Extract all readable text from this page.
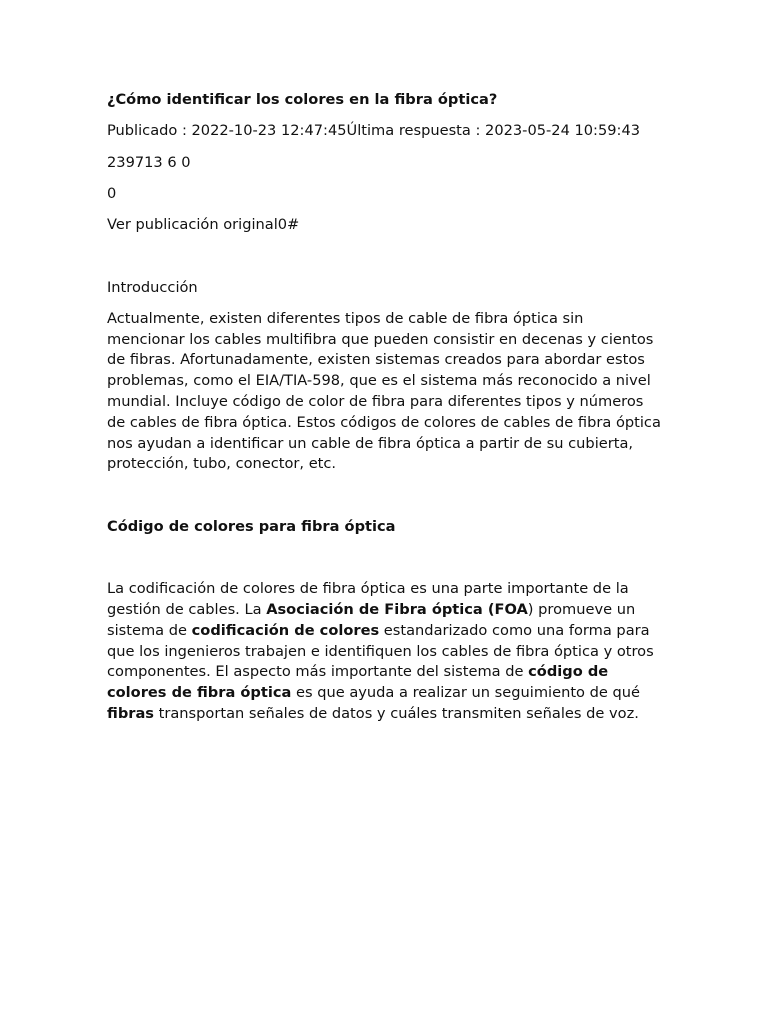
¿Cómo identificar los colores en la fibra óptica?

Publicado : 2022-10-23 12:47:45Última respuesta : 2023-05-24 10:59:43

239713 6 0

0

Ver publicación original0#

Introducción

Actualmente, existen diferentes tipos de cable de fibra óptica sin mencionar los cables multifibra que pueden consistir en decenas y cientos de fibras. Afortunadamente, existen sistemas creados para abordar estos problemas, como el EIA/TIA-598, que es el sistema más reconocido a nivel mundial. Incluye código de color de fibra para diferentes tipos y números de cables de fibra óptica. Estos códigos de colores de cables de fibra óptica nos ayudan a identificar un cable de fibra óptica a partir de su cubierta, protección, tubo, conector, etc.

Código de colores para fibra óptica

La codificación de colores de fibra óptica es una parte importante de la gestión de cables. La Asociación de Fibra óptica (FOA) promueve un sistema de codificación de colores estandarizado como una forma para que los ingenieros trabajen e identifiquen los cables de fibra óptica y otros componentes. El aspecto más importante del sistema de código de colores de fibra óptica es que ayuda a realizar un seguimiento de qué fibras transportan señales de datos y cuáles transmiten señales de voz.
